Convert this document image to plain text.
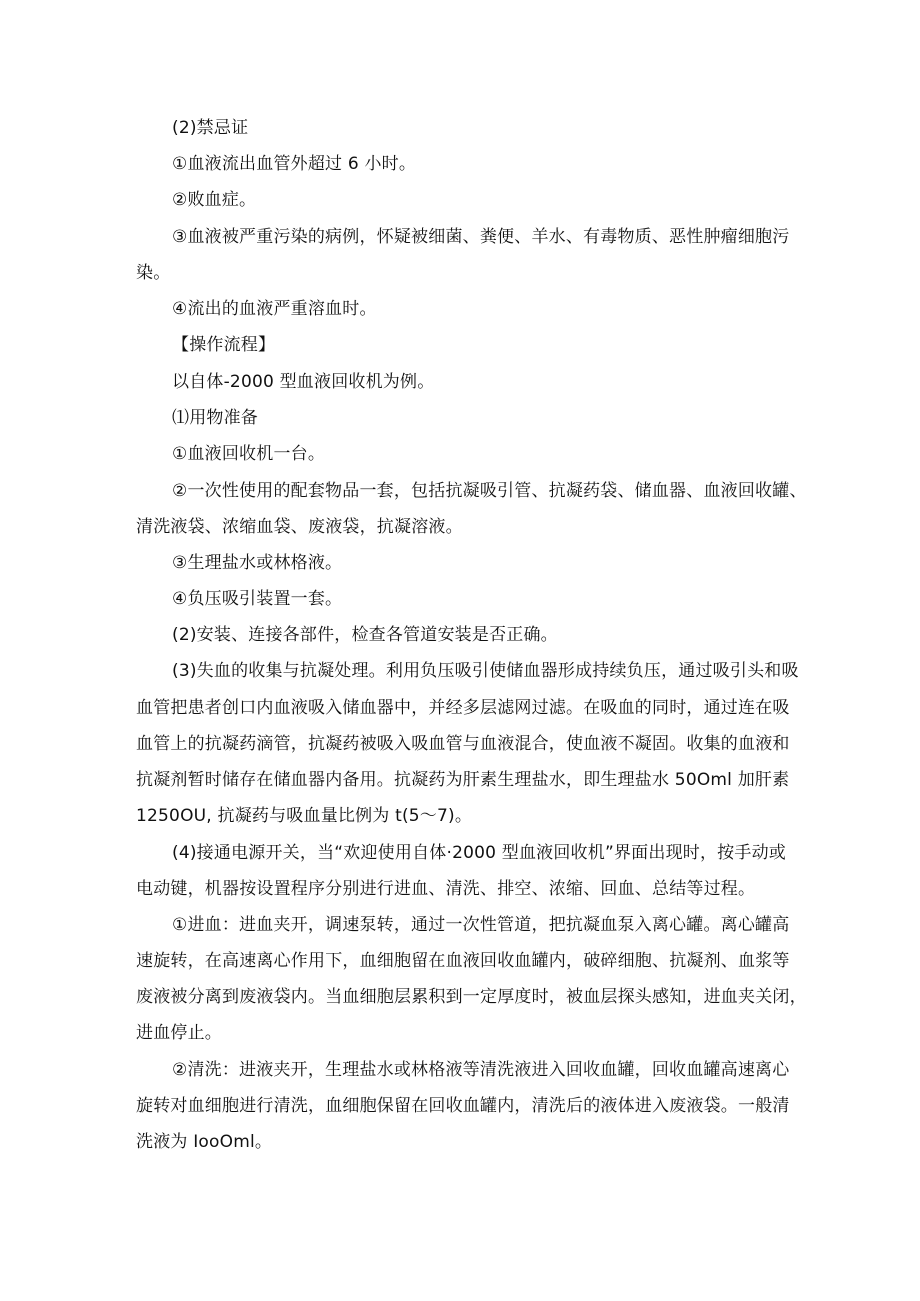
(2)禁忌证
①血液流出血管外超过 6 小时。
②败血症。
③血液被严重污染的病例，怀疑被细菌、粪便、羊水、有毒物质、恶性肿瘤细胞污
染。
④流出的血液严重溶血时。
【操作流程】
以自体-2000 型血液回收机为例。
⑴用物准备
①血液回收机一台。
②一次性使用的配套物品一套，包括抗凝吸引管、抗凝药袋、储血器、血液回收罐、
清洗液袋、浓缩血袋、废液袋，抗凝溶液。
③生理盐水或林格液。
④负压吸引装置一套。
(2)安装、连接各部件，检查各管道安装是否正确。
(3)失血的收集与抗凝处理。利用负压吸引使储血器形成持续负压，通过吸引头和吸
血管把患者创口内血液吸入储血器中，并经多层滤网过滤。在吸血的同时，通过连在吸
血管上的抗凝药滴管，抗凝药被吸入吸血管与血液混合，使血液不凝固。收集的血液和
抗凝剂暂时储存在储血器内备用。抗凝药为肝素生理盐水，即生理盐水 50Oml 加肝素
1250OU, 抗凝药与吸血量比例为 t(5～7)。
(4)接通电源开关，当“欢迎使用自体·2000 型血液回收机”界面出现时，按手动或
电动键，机器按设置程序分别进行进血、清洗、排空、浓缩、回血、总结等过程。
①进血：进血夹开，调速泵转，通过一次性管道，把抗凝血泵入离心罐。离心罐高
速旋转，在高速离心作用下，血细胞留在血液回收血罐内，破碎细胞、抗凝剂、血浆等
废液被分离到废液袋内。当血细胞层累积到一定厚度时，被血层探头感知，进血夹关闭，
进血停止。
②清洗：进液夹开，生理盐水或林格液等清洗液进入回收血罐，回收血罐高速离心
旋转对血细胞进行清洗，血细胞保留在回收血罐内，清洗后的液体进入废液袋。一般清
洗液为 IooOml。
